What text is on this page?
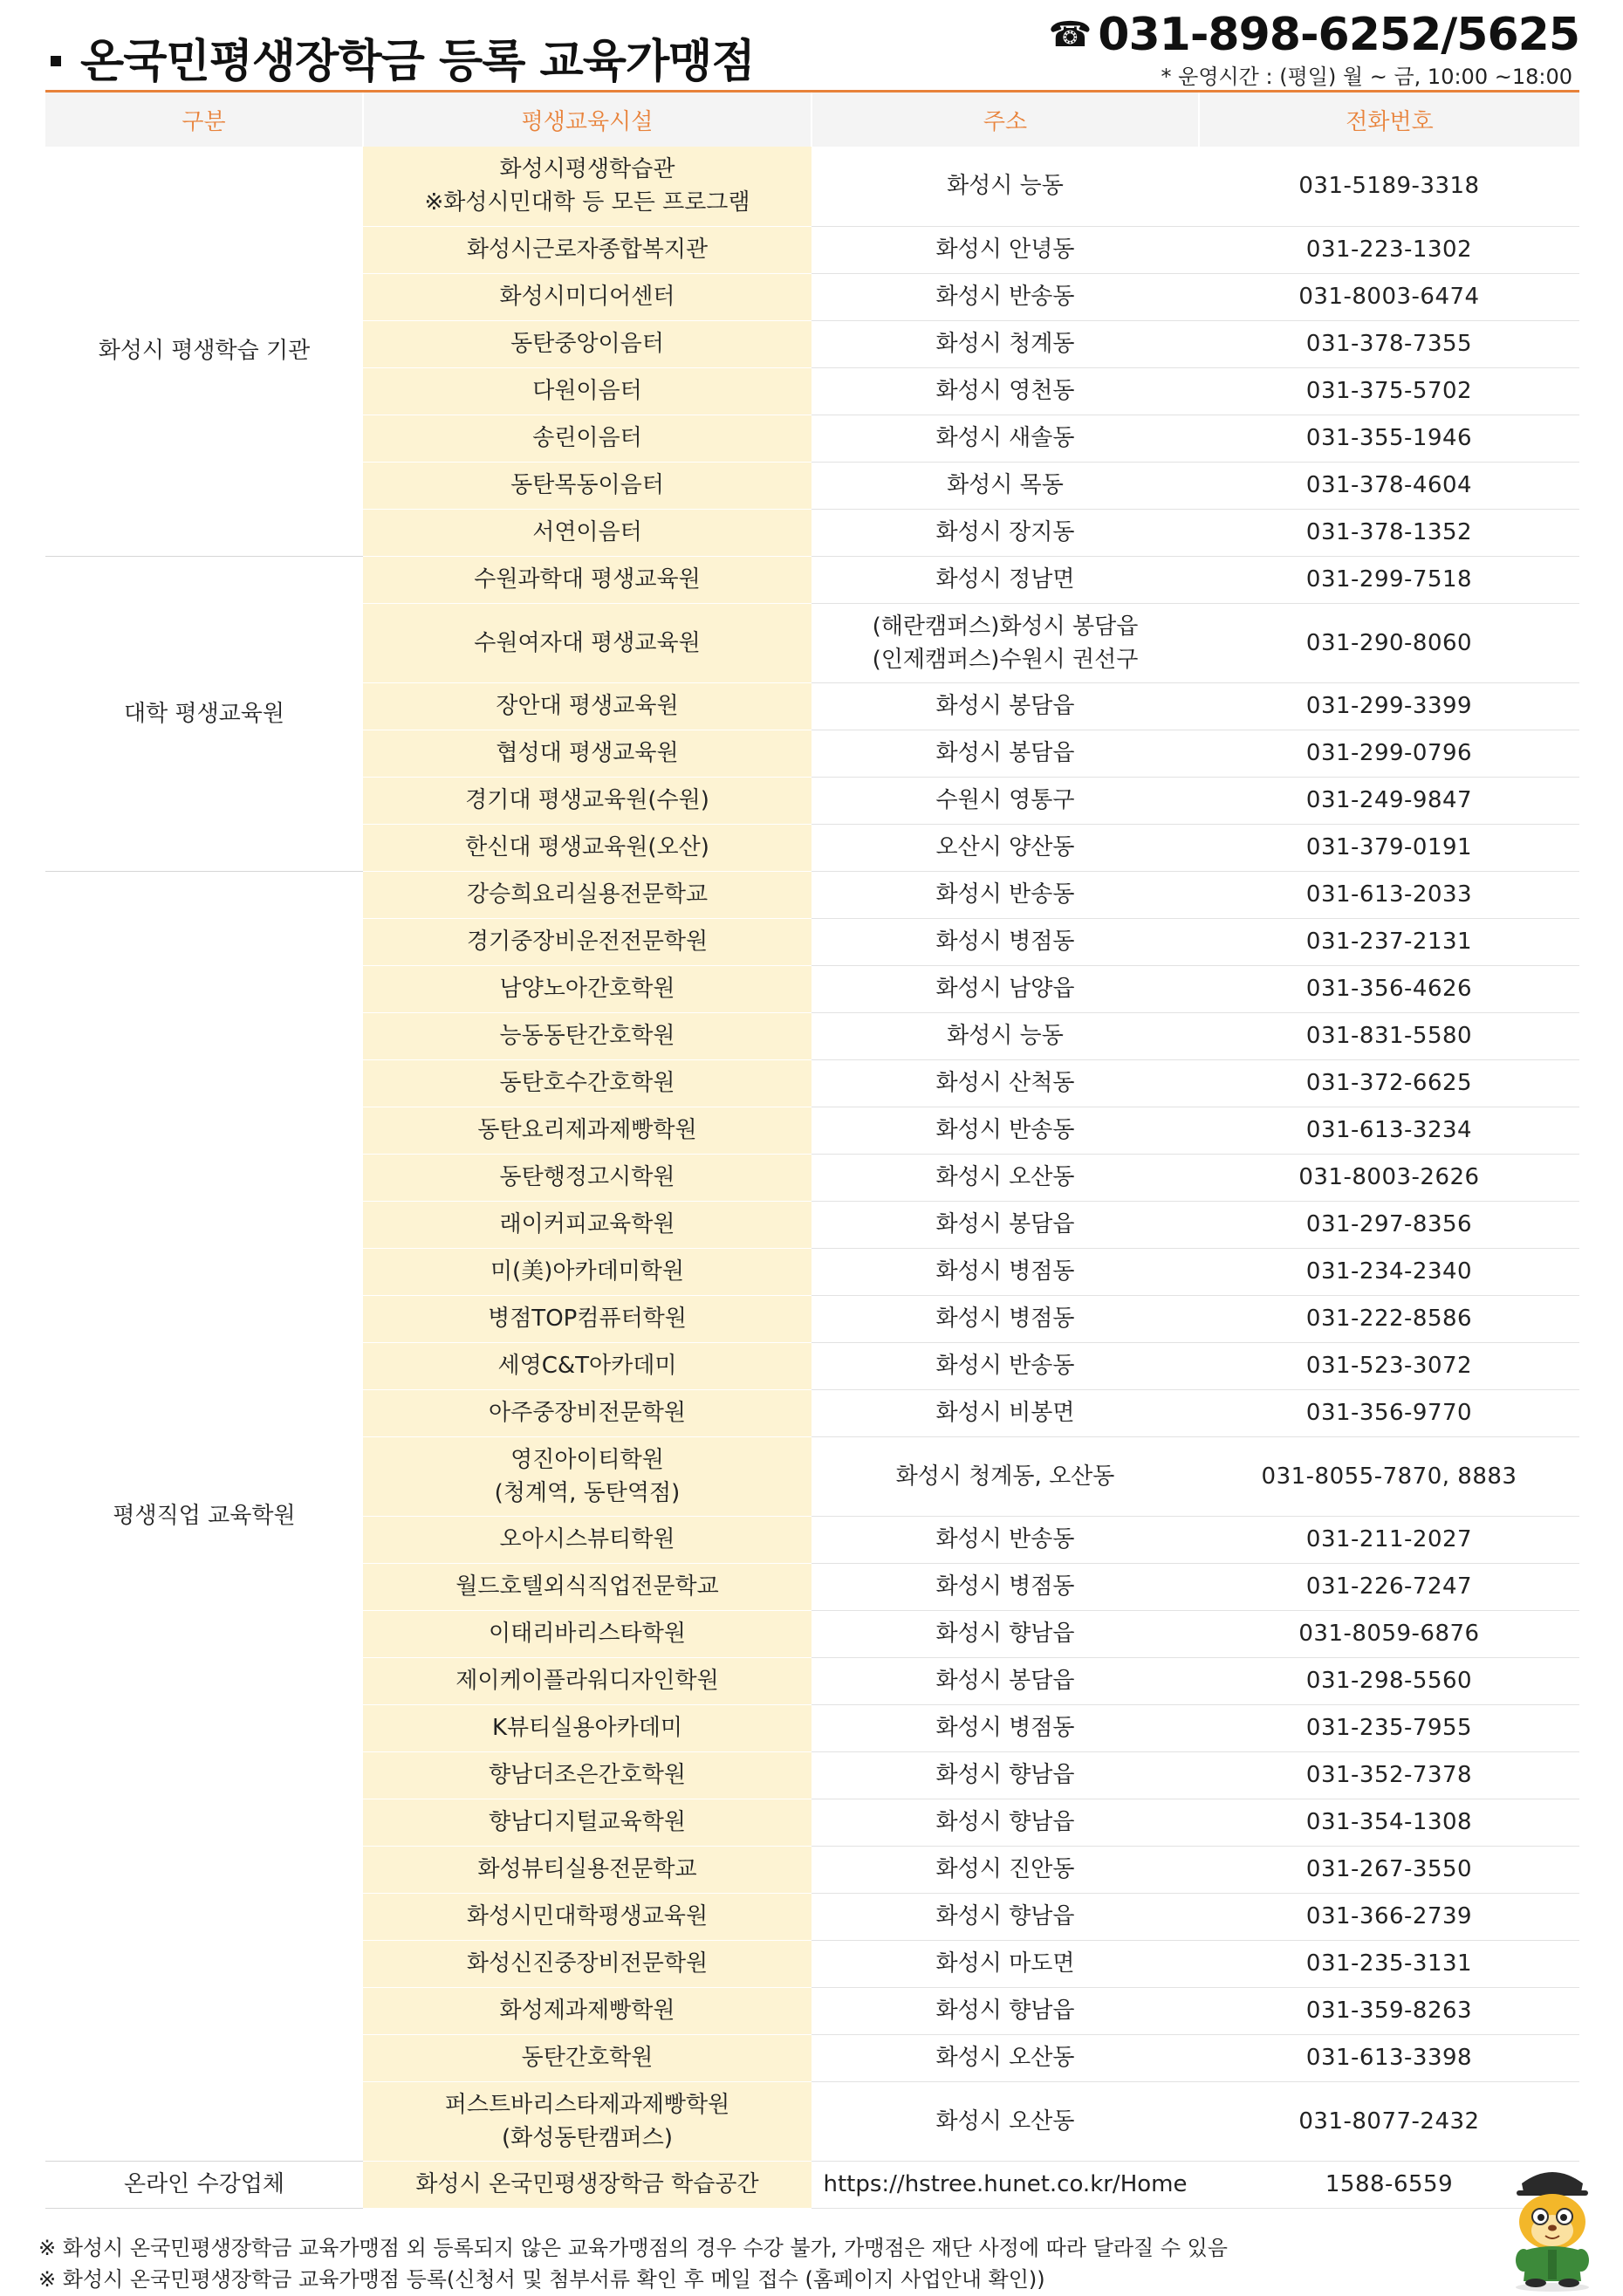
온국민평생장학금 등록 교육가맹점
☎ 031-898-6252/5625
* 운영시간 : (평일) 월 ~ 금, 10:00 ~18:00
구분	평생교육시설	주소	전화번호
화성시 평생학습 기관	화성시평생학습관
※화성시민대학 등 모든 프로그램	화성시 능동	031-5189-3318

	화성시근로자종합복지관	화성시 안녕동	031-223-1302

	화성시미디어센터	화성시 반송동	031-8003-6474

	동탄중앙이음터	화성시 청계동	031-378-7355

	다원이음터	화성시 영천동	031-375-5702

	송린이음터	화성시 새솔동	031-355-1946

	동탄목동이음터	화성시 목동	031-378-4604

	서연이음터	화성시 장지동	031-378-1352
대학 평생교육원	수원과학대 평생교육원	화성시 정남면	031-299-7518

	수원여자대 평생교육원	(해란캠퍼스)화성시 봉담읍
(인제캠퍼스)수원시 권선구	031-290-8060

	장안대 평생교육원	화성시 봉담읍	031-299-3399

	협성대 평생교육원	화성시 봉담읍	031-299-0796

	경기대 평생교육원(수원)	수원시 영통구	031-249-9847

	한신대 평생교육원(오산)	오산시 양산동	031-379-0191
평생직업 교육학원	강승희요리실용전문학교	화성시 반송동	031-613-2033

	경기중장비운전전문학원	화성시 병점동	031-237-2131

	남양노아간호학원	화성시 남양읍	031-356-4626

	능동동탄간호학원	화성시 능동	031-831-5580

	동탄호수간호학원	화성시 산척동	031-372-6625

	동탄요리제과제빵학원	화성시 반송동	031-613-3234

	동탄행정고시학원	화성시 오산동	031-8003-2626

	래이커피교육학원	화성시 봉담읍	031-297-8356

	미(美)아카데미학원	화성시 병점동	031-234-2340

	병점TOP컴퓨터학원	화성시 병점동	031-222-8586

	세영C&T아카데미	화성시 반송동	031-523-3072

	아주중장비전문학원	화성시 비봉면	031-356-9770

	영진아이티학원
(청계역, 동탄역점)	화성시 청계동, 오산동	031-8055-7870, 8883

	오아시스뷰티학원	화성시 반송동	031-211-2027

	월드호텔외식직업전문학교	화성시 병점동	031-226-7247

	이태리바리스타학원	화성시 향남읍	031-8059-6876

	제이케이플라워디자인학원	화성시 봉담읍	031-298-5560

	K뷰티실용아카데미	화성시 병점동	031-235-7955

	향남더조은간호학원	화성시 향남읍	031-352-7378

	향남디지털교육학원	화성시 향남읍	031-354-1308

	화성뷰티실용전문학교	화성시 진안동	031-267-3550

	화성시민대학평생교육원	화성시 향남읍	031-366-2739

	화성신진중장비전문학원	화성시 마도면	031-235-3131

	화성제과제빵학원	화성시 향남읍	031-359-8263

	동탄간호학원	화성시 오산동	031-613-3398

	퍼스트바리스타제과제빵학원
(화성동탄캠퍼스)	화성시 오산동	031-8077-2432
온라인 수강업체	화성시 온국민평생장학금 학습공간	https://hstree.hunet.co.kr/Home	1588-6559
※ 화성시 온국민평생장학금 교육가맹점 외 등록되지 않은 교육가맹점의 경우 수강 불가, 가맹점은 재단 사정에 따라 달라질 수 있음
※ 화성시 온국민평생장학금 교육가맹점 등록(신청서 및 첨부서류 확인 후 메일 접수 (홈페이지 사업안내 확인))
